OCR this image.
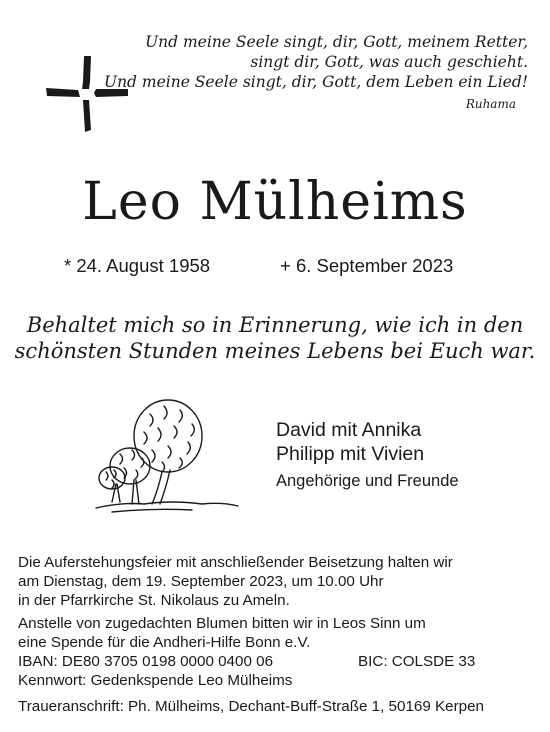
Und meine Seele singt, dir, Gott, meinem Retter,

singt dir, Gott, was auch geschieht.

Und meine Seele singt, dir, Gott, dem Leben ein Lied!

Ruhama

Leo Mülheims
* 24. August 1958	+ 6. September 2023
Behaltet mich so in Erinnerung, wie ich in den
schönsten Stunden meines Lebens bei Euch war.
David mit Annika
Philipp mit Vivien
Angehörige und Freunde
Die Auferstehungsfeier mit anschließender Beisetzung halten wir
am Dienstag, dem 19. September 2023, um 10.00 Uhr
in der Pfarrkirche St. Nikolaus zu Ameln.
Anstelle von zugedachten Blumen bitten wir in Leos Sinn um
eine Spende für die Andheri-Hilfe Bonn e.V.
IBAN: DE80 3705 0198 0000 0400 06	BIC: COLSDE 33
Kennwort: Gedenkspende Leo Mülheims
Traueranschrift: Ph. Mülheims, Dechant-Buff-Straße 1, 50169 Kerpen
